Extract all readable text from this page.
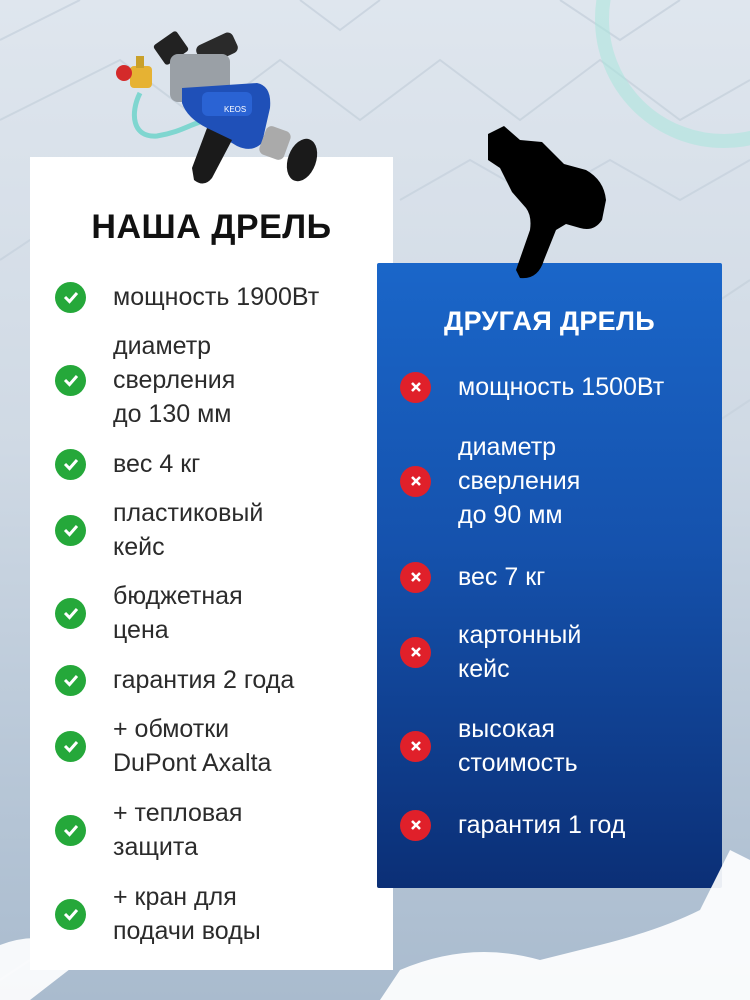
KEOS
НАША ДРЕЛЬ
ДРУГАЯ ДРЕЛЬ
мощность 1900Вт
диаметр
сверления
до 130 мм
вес 4 кг
пластиковый
кейс
бюджетная
цена
гарантия 2 года
+ обмотки
DuPont Axalta
+ тепловая
защита
+ кран для
подачи воды
мощность 1500Вт
диаметр
сверления
до 90 мм
вес 7 кг
картонный
кейс
высокая
стоимость
гарантия 1 год
